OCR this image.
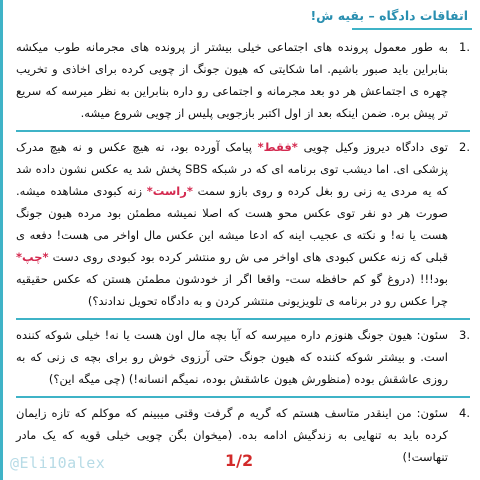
اتفاقات دادگاه – بقیه ش!
1.
به طور معمول پرونده های اجتماعی خیلی بیشتر از پرونده های مجرمانه طوب میکشه بنابراین باید صبور باشیم. اما شکایتی که هیون جونگ از چویی کرده برای اخاذی و تخریب چهره ی اجتماعش هر دو بعد مجرمانه و اجتماعی رو داره بنابراین به نظر میرسه که سریع تر پیش بره. ضمن اینکه بعد از اول اکتبر بازجویی پلیس از چویی شروع میشه.
2.
توی دادگاه دیروز وکیل چویی *فقط* پیامک آورده بود، نه هیچ عکس و نه هیچ مدرک پزشکی ای. اما دیشب توی برنامه ای که در شبکه SBS پخش شد یه عکس نشون داده شد که یه مردی یه زنی رو بغل کرده و روی بازو سمت *راست* زنه کبودی مشاهده میشه. صورت هر دو نفر توی عکس محو هست که اصلا نمیشه مطمئن بود مرده هیون جونگ هست یا نه! و نکته ی عجیب اینه که ادعا میشه این عکس مال اواخر می هست! دفعه ی قبلی که زنه عکس کبودی های اواخر می ش رو منتشر کرده بود کبودی روی دست *چپ* بود!!! (دروغ گو کم حافظه ست- واقعا اگر از خودشون مطمئن هستن که عکس حقیقیه چرا عکس رو در برنامه ی تلویزیونی منتشر کردن و به دادگاه تحویل ندادند؟)
3.
سئون: هیون جونگ هنوزم داره میپرسه که آیا بچه مال اون هست یا نه! خیلی شوکه کننده است. و بیشتر شوکه کننده که هیون جونگ حتی آرزوی خوش رو برای بچه ی زنی که به روزی عاشقش بوده (منظورش هیون عاشقش بوده، نمیگم انسانه!) (چی میگه این؟)
4.
سئون: من اینقدر متاسف هستم که گریه م گرفت وقتی میبینم که موکلم که تازه زایمان کرده باید به تنهایی به زندگیش ادامه بده. (میخوان بگن چویی خیلی قویه که یک مادر تنهاست!)
@Eli10alex	1/2
